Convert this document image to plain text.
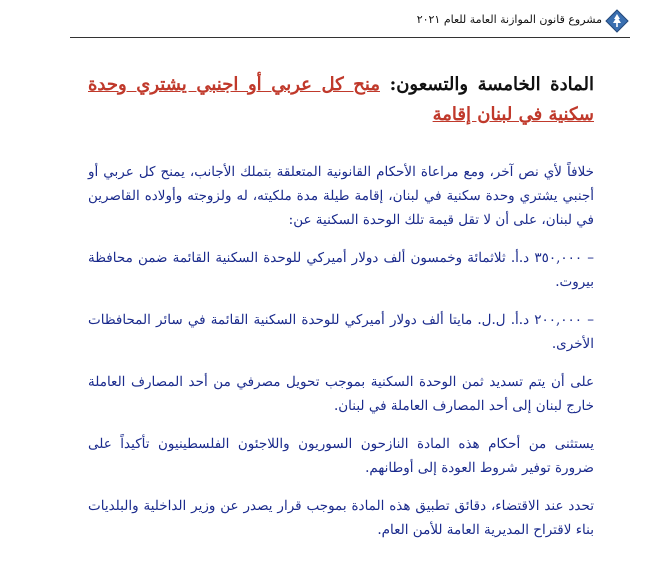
مشروع قانون الموازنة العامة للعام ٢٠٢١
المادة الخامسة والتسعون: منح كل عربي أو اجنبي يشتري وحدة سكنية في لبنان إقامة

خلافاً لأي نص آخر، ومع مراعاة الأحكام القانونية المتعلقة بتملك الأجانب، يمنح كل عربي أو أجنبي يشتري وحدة سكنية في لبنان، إقامة طيلة مدة ملكيته، له ولزوجته وأولاده القاصرين في لبنان، على أن لا تقل قيمة تلك الوحدة السكنية عن:

– ٣٥٠,٠٠٠ د.أ. ثلاثمائة وخمسون ألف دولار أميركي للوحدة السكنية القائمة ضمن محافظة بيروت.

– ٢٠٠,٠٠٠ د.أ. ل.ل. مايتا ألف دولار أميركي للوحدة السكنية القائمة في سائر المحافظات الأخرى.

على أن يتم تسديد ثمن الوحدة السكنية بموجب تحويل مصرفي من أحد المصارف العاملة خارج لبنان إلى أحد المصارف العاملة في لبنان.

يستثنى من أحكام هذه المادة النازحون السوريون واللاجئون الفلسطينيون تأكيداً على ضرورة توفير شروط العودة إلى أوطانهم.

تحدد عند الاقتضاء، دقائق تطبيق هذه المادة بموجب قرار يصدر عن وزير الداخلية والبلديات بناء لاقتراح المديرية العامة للأمن العام.
